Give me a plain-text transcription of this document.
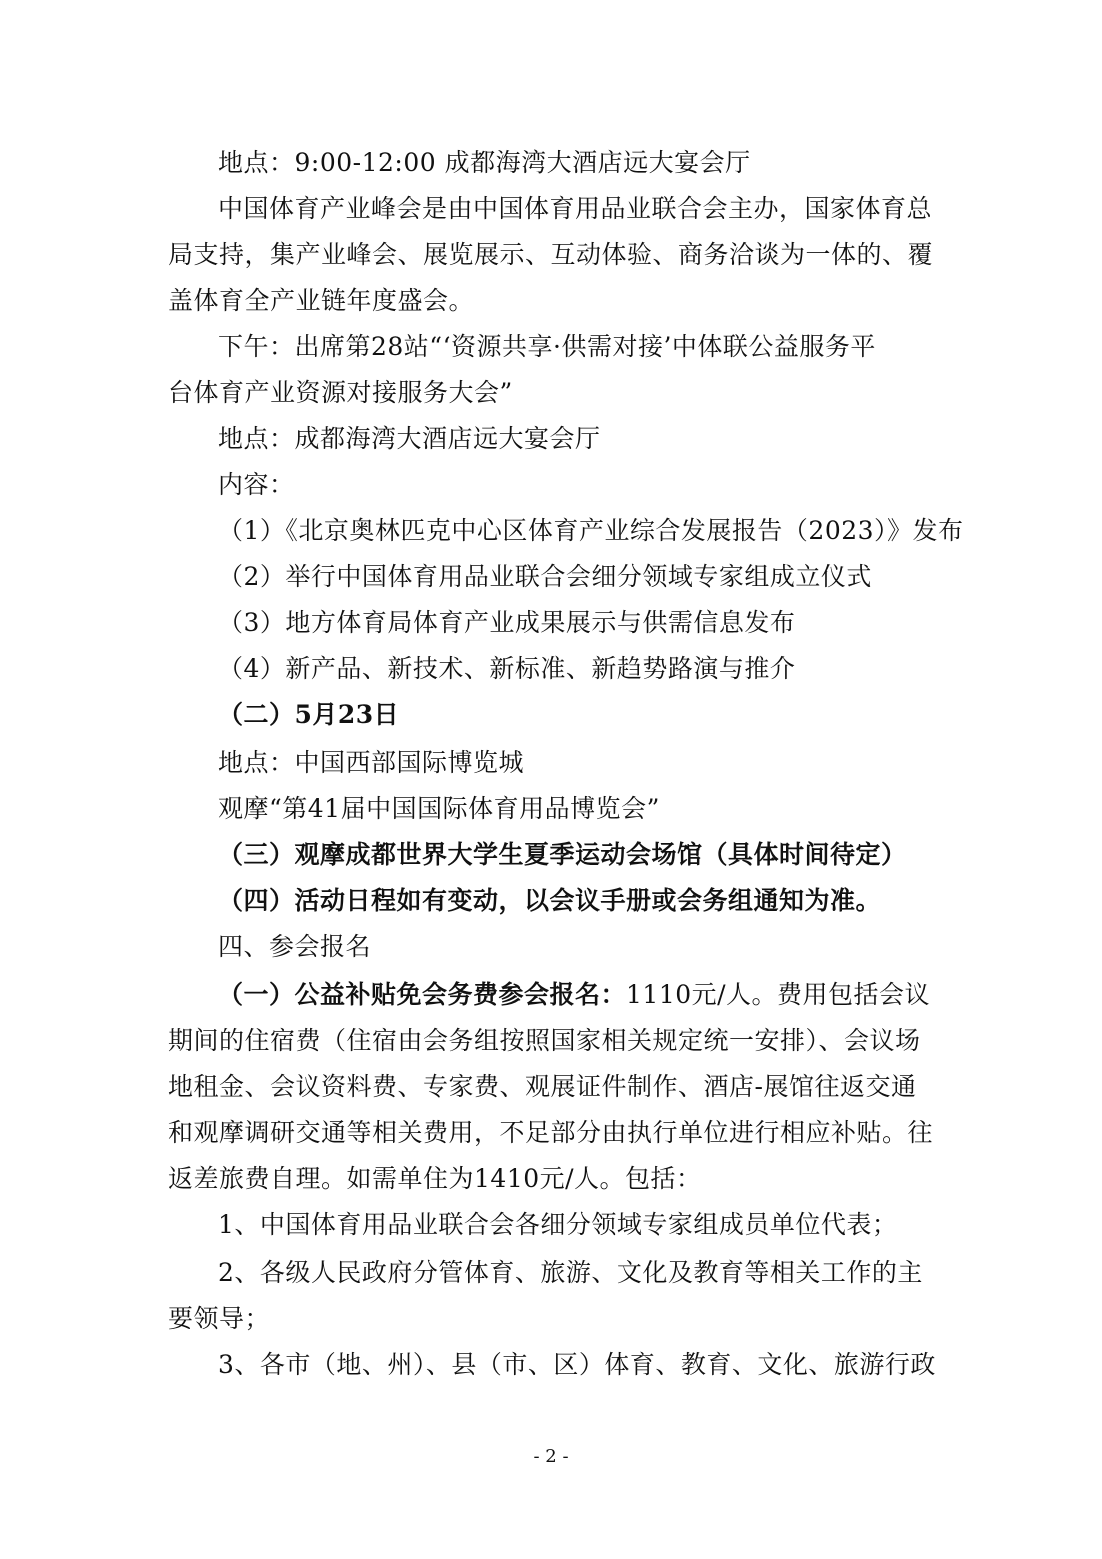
地点：9:00-12:00 成都海湾大酒店远大宴会厅
中国体育产业峰会是由中国体育用品业联合会主办，国家体育总
局支持，集产业峰会、展览展示、互动体验、商务洽谈为一体的、覆
盖体育全产业链年度盛会。
下午：出席第28站“‘资源共享·供需对接’中体联公益服务平
台体育产业资源对接服务大会”
地点：成都海湾大酒店远大宴会厅
内容：
（1）《北京奥林匹克中心区体育产业综合发展报告（2023）》发布
（2）举行中国体育用品业联合会细分领域专家组成立仪式
（3）地方体育局体育产业成果展示与供需信息发布
（4）新产品、新技术、新标准、新趋势路演与推介
（二）5月23日
地点：中国西部国际博览城
观摩“第41届中国国际体育用品博览会”
（三）观摩成都世界大学生夏季运动会场馆（具体时间待定）
（四）活动日程如有变动，以会议手册或会务组通知为准。
四、参会报名
（一）公益补贴免会务费参会报名：1110元/人。费用包括会议
期间的住宿费（住宿由会务组按照国家相关规定统一安排）、会议场
地租金、会议资料费、专家费、观展证件制作、酒店-展馆往返交通
和观摩调研交通等相关费用，不足部分由执行单位进行相应补贴。往
返差旅费自理。如需单住为1410元/人。包括：
1、中国体育用品业联合会各细分领域专家组成员单位代表；
2、各级人民政府分管体育、旅游、文化及教育等相关工作的主
要领导；
3、各市（地、州）、县（市、区）体育、教育、文化、旅游行政
- 2 -
